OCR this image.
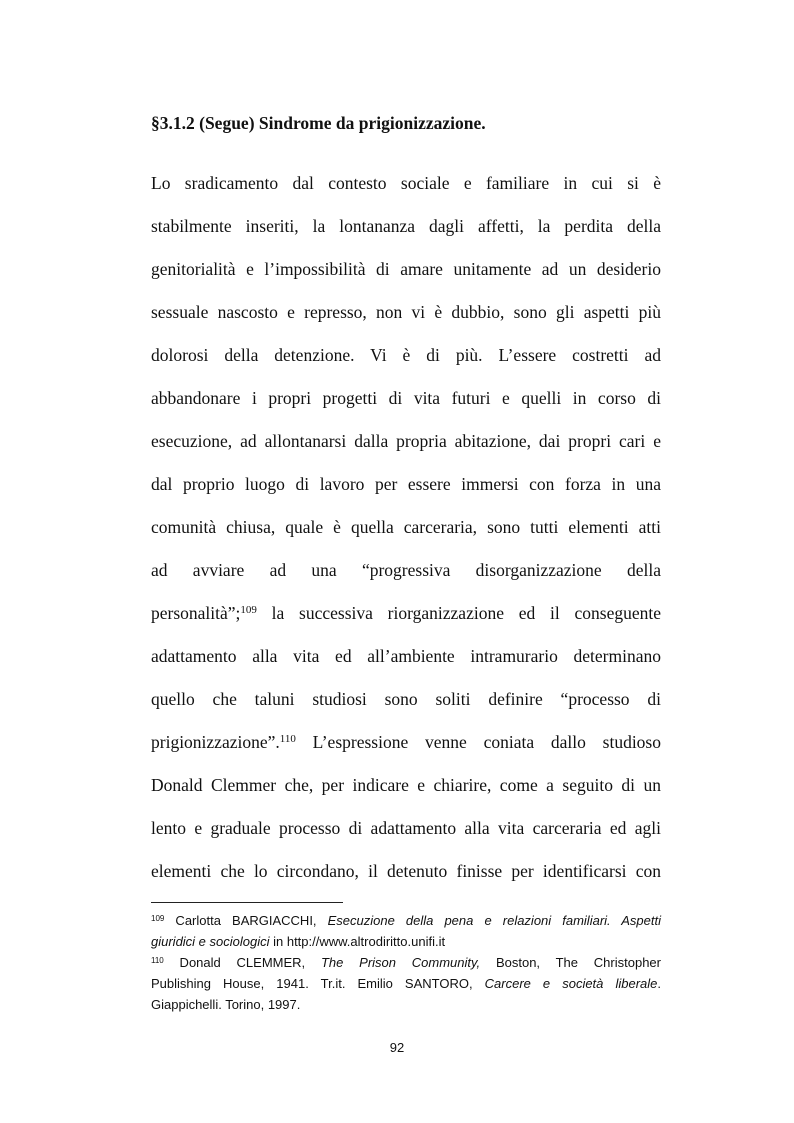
§3.1.2 (Segue) Sindrome da prigionizzazione.
Lo sradicamento dal contesto sociale e familiare in cui si è
stabilmente inseriti, la lontananza dagli affetti, la perdita della
genitorialità e l’impossibilità di amare unitamente ad un desiderio
sessuale nascosto e represso, non vi è dubbio, sono gli aspetti più
dolorosi della detenzione. Vi è di più. L’essere costretti ad
abbandonare i propri progetti di vita futuri e quelli in corso di
esecuzione, ad allontanarsi dalla propria abitazione, dai propri cari e
dal proprio luogo di lavoro per essere immersi con forza in una
comunità chiusa, quale è quella carceraria, sono tutti elementi atti
ad avviare ad una “progressiva disorganizzazione della
personalità”;$^{109}$ la successiva riorganizzazione ed il conseguente
adattamento alla vita ed all’ambiente intramurario determinano
quello che taluni studiosi sono soliti definire “processo di
prigionizzazione”.$^{110}$ L’espressione venne coniata dallo studioso
Donald Clemmer che, per indicare e chiarire, come a seguito di un
lento e graduale processo di adattamento alla vita carceraria ed agli
elementi che lo circondano, il detenuto finisse per identificarsi con
$^{109}$ Carlotta BARGIACCHI, Esecuzione della pena e relazioni familiari. Aspetti
giuridici e sociologici in http://www.altrodiritto.unifi.it
$^{110}$ Donald CLEMMER, The Prison Community, Boston, The Christopher
Publishing House, 1941. Tr.it. Emilio SANTORO, Carcere e società liberale.
Giappichelli. Torino, 1997.
92
